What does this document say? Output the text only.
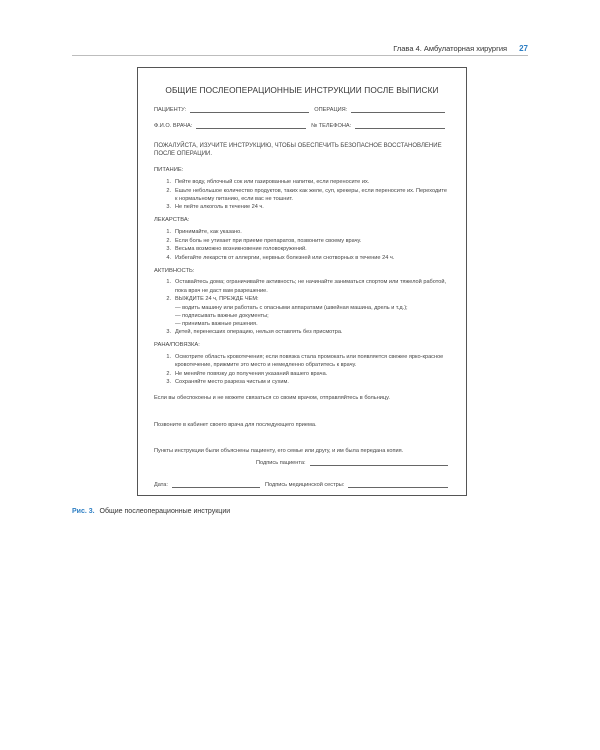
Глава 4. Амбулаторная хирургия 27
ОБЩИЕ ПОСЛЕОПЕРАЦИОННЫЕ ИНСТРУКЦИИ ПОСЛЕ ВЫПИСКИ
ПАЦИЕНТУ:	ОПЕРАЦИЯ:
Ф.И.О. ВРАЧА:	№ ТЕЛЕФОНА:
ПОЖАЛУЙСТА, ИЗУЧИТЕ ИНСТРУКЦИЮ, ЧТОБЫ ОБЕСПЕЧИТЬ БЕЗОПАСНОЕ ВОССТАНОВЛЕНИЕ ПОСЛЕ ОПЕРАЦИИ.
ПИТАНИЕ:
1. Пейте воду, яблочный сок или газированные напитки, если переносите их.
2. Ешьте небольшое количество продуктов, таких как желе, суп, крекеры, если переносите их. Переходите к нормальному питанию, если вас не тошнит.
3. Не пейте алкоголь в течение 24 ч.
ЛЕКАРСТВА:
1. Принимайте, как указано.
2. Если боль не утихает при приеме препаратов, позвоните своему врачу.
3. Весьма возможно возникновение головокружений.
4. Избегайте лекарств от аллергии, нервных болезней или снотворных в течение 24 ч.
АКТИВНОСТЬ:
1. Оставайтесь дома; ограничивайте активность; не начинайте заниматься спортом или тяжелой работой, пока врач не даст вам разрешение.
2. ВЫЖДИТЕ 24 ч, ПРЕЖДЕ ЧЕМ:
— водить машину или работать с опасными аппаратами (швейная машина, дрель и т.д.);
— подписывать важные документы;
— принимать важные решения.
3. Детей, перенесших операцию, нельзя оставлять без присмотра.
РАНА/ПОВЯЗКА:
1. Осмотрите область кровотечения; если повязка стала промокать или появляется свежее ярко-красное кровотечение, прижмите это место и немедленно обратитесь к врачу.
2. Не меняйте повязку до получения указаний вашего врача.
3. Сохраняйте место разреза чистым и сухим.
Если вы обеспокоены и не можете связаться со своим врачом, отправляйтесь в больницу.
Позвоните в кабинет своего врача для последующего приема.
Пункты инструкции были объяснены пациенту, его семье или другу, и им была передана копия.
Подпись пациента:
Дата:	Подпись медицинской сестры:
Рис. 3. Общие послеоперационные инструкции
